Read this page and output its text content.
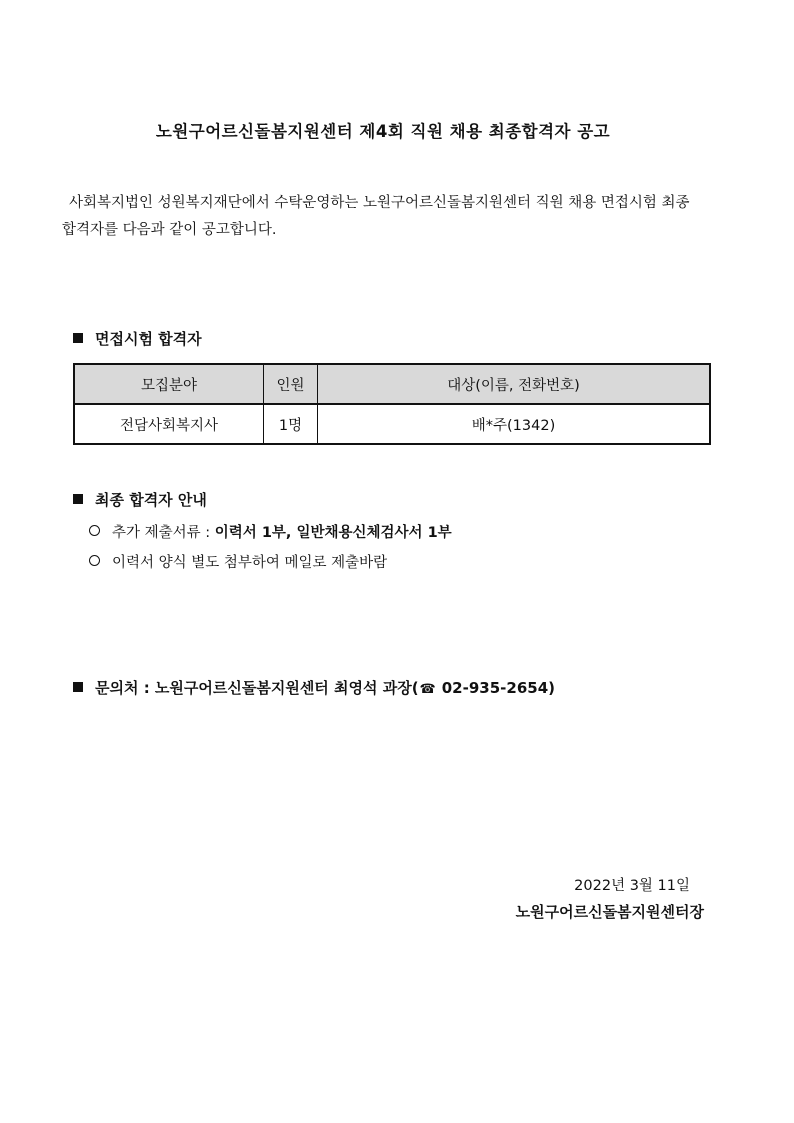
노원구어르신돌봄지원센터 제4회 직원 채용 최종합격자 공고
사회복지법인 성원복지재단에서 수탁운영하는 노원구어르신돌봄지원센터 직원 채용 면접시험 최종
합격자를 다음과 같이 공고합니다.
면접시험 합격자
모집분야	인원	대상(이름, 전화번호)
전담사회복지사	1명	배*주(1342)
최종 합격자 안내
추가 제출서류 : 이력서 1부, 일반채용신체검사서 1부
이력서 양식 별도 첨부하여 메일로 제출바람
문의처 : 노원구어르신돌봄지원센터 최영석 과장(☎ 02-935-2654)
2022년 3월 11일
노원구어르신돌봄지원센터장
